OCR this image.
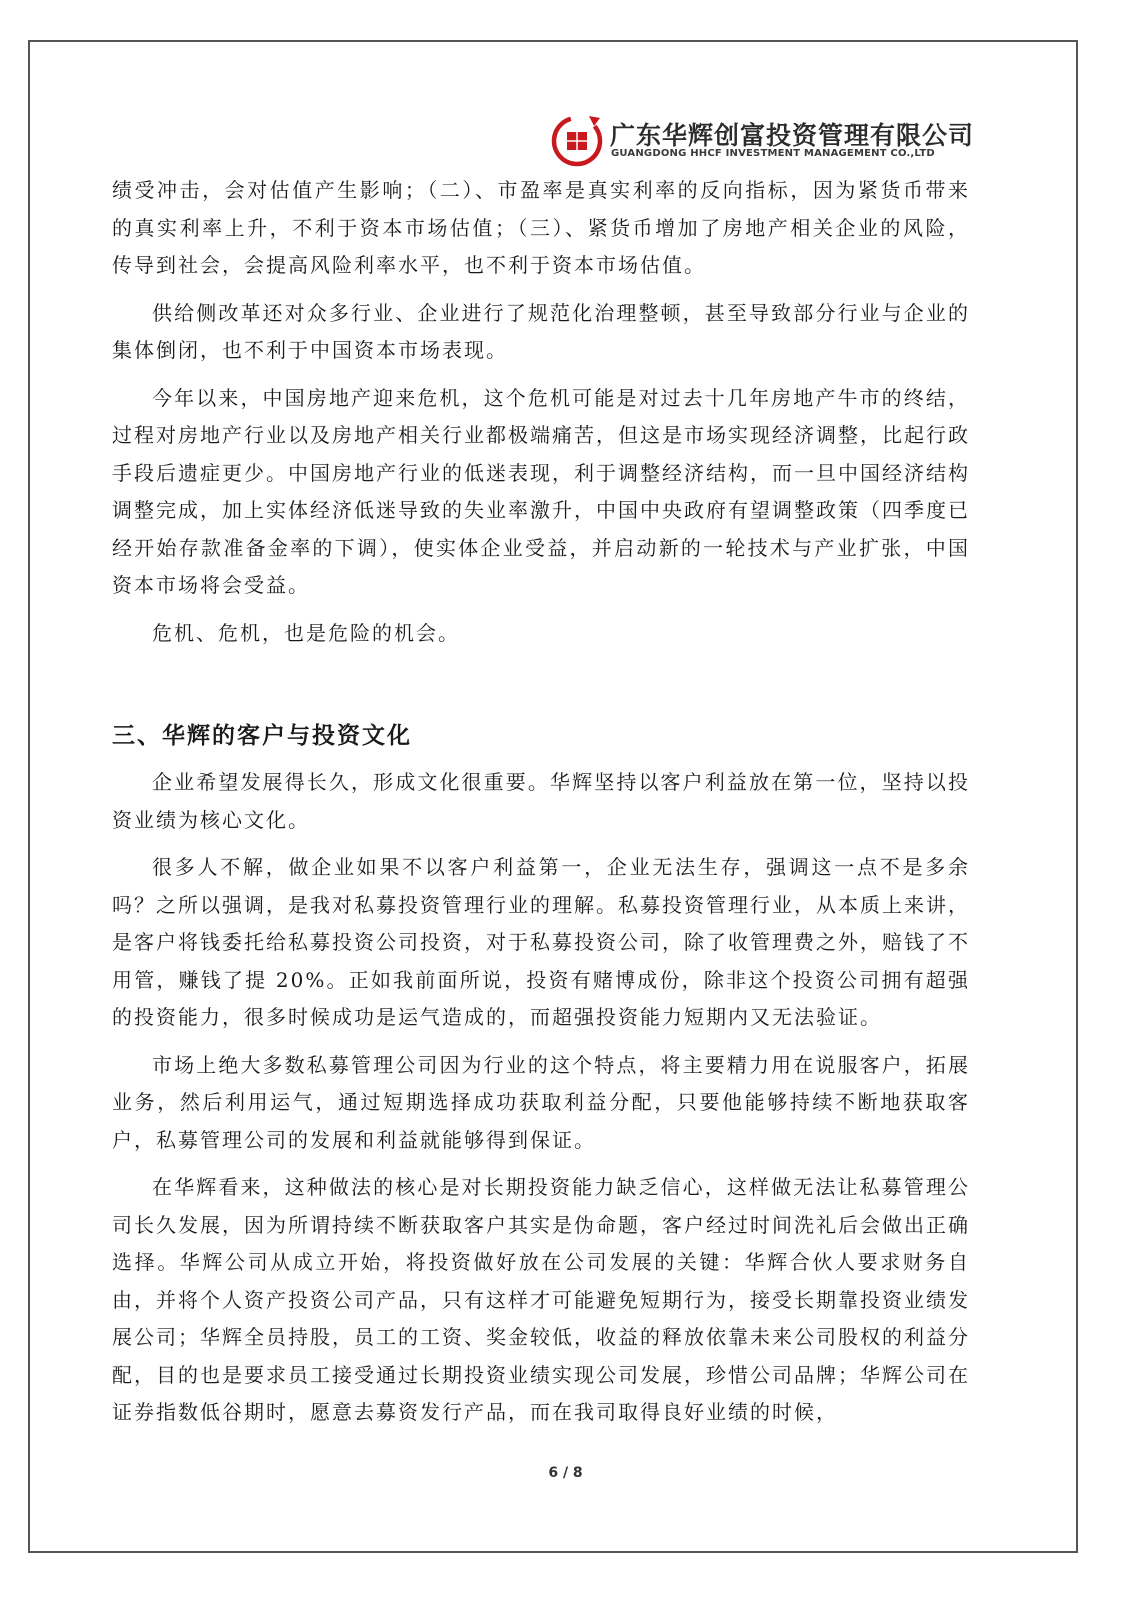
广东华辉创富投资管理有限公司
GUANGDONG HHCF INVESTMENT MANAGEMENT CO.,LTD

绩受冲击，会对估值产生影响；（二）、市盈率是真实利率的反向指标，因为紧货币带来的真实利率上升，不利于资本市场估值；（三）、紧货币增加了房地产相关企业的风险，传导到社会，会提高风险利率水平，也不利于资本市场估值。

供给侧改革还对众多行业、企业进行了规范化治理整顿，甚至导致部分行业与企业的集体倒闭，也不利于中国资本市场表现。

今年以来，中国房地产迎来危机，这个危机可能是对过去十几年房地产牛市的终结，过程对房地产行业以及房地产相关行业都极端痛苦，但这是市场实现经济调整，比起行政手段后遗症更少。中国房地产行业的低迷表现，利于调整经济结构，而一旦中国经济结构调整完成，加上实体经济低迷导致的失业率激升，中国中央政府有望调整政策（四季度已经开始存款准备金率的下调），使实体企业受益，并启动新的一轮技术与产业扩张，中国资本市场将会受益。

危机、危机，也是危险的机会。

三、华辉的客户与投资文化

企业希望发展得长久，形成文化很重要。华辉坚持以客户利益放在第一位，坚持以投资业绩为核心文化。

很多人不解，做企业如果不以客户利益第一，企业无法生存，强调这一点不是多余吗？之所以强调，是我对私募投资管理行业的理解。私募投资管理行业，从本质上来讲，是客户将钱委托给私募投资公司投资，对于私募投资公司，除了收管理费之外，赔钱了不用管，赚钱了提 20%。正如我前面所说，投资有赌博成份，除非这个投资公司拥有超强的投资能力，很多时候成功是运气造成的，而超强投资能力短期内又无法验证。

市场上绝大多数私募管理公司因为行业的这个特点，将主要精力用在说服客户，拓展业务，然后利用运气，通过短期选择成功获取利益分配，只要他能够持续不断地获取客户，私募管理公司的发展和利益就能够得到保证。

在华辉看来，这种做法的核心是对长期投资能力缺乏信心，这样做无法让私募管理公司长久发展，因为所谓持续不断获取客户其实是伪命题，客户经过时间洗礼后会做出正确选择。华辉公司从成立开始，将投资做好放在公司发展的关键：华辉合伙人要求财务自由，并将个人资产投资公司产品，只有这样才可能避免短期行为，接受长期靠投资业绩发展公司；华辉全员持股，员工的工资、奖金较低，收益的释放依靠未来公司股权的利益分配，目的也是要求员工接受通过长期投资业绩实现公司发展，珍惜公司品牌；华辉公司在证券指数低谷期时，愿意去募资发行产品，而在我司取得良好业绩的时候，

6 / 8
